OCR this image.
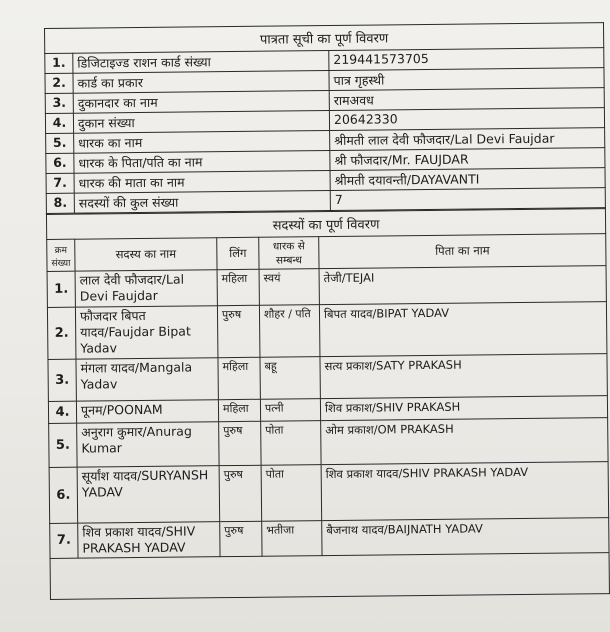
पात्रता सूची का पूर्ण विवरण		
1.	डिजिटाइज्ड राशन कार्ड संख्या	219441573705
2.	कार्ड का प्रकार	पात्र गृहस्थी
3.	दुकानदार का नाम	रामअवध
4.	दुकान संख्या	20642330
5.	धारक का नाम	श्रीमती लाल देवी फौजदार/Lal Devi Faujdar
6.	धारक के पिता/पति का नाम	श्री फौजदार/Mr. FAUJDAR
7.	धारक की माता का नाम	श्रीमती दयावन्ती/DAYAVANTI
8.	सदस्यों की कुल संख्या	7
सदस्यों का पूर्ण विवरण				
क्रम संख्या	सदस्य का नाम	लिंग	धारक से सम्बन्ध	पिता का नाम
1.	लाल देवी फौजदार/Lal Devi Faujdar	महिला	स्वयं	तेजी/TEJAI
2.	फौजदार बिपत यादव/Faujdar Bipat Yadav	पुरुष	शौहर / पति	बिपत यादव/BIPAT YADAV
3.	मंगला यादव/Mangala Yadav	महिला	बहू	सत्य प्रकाश/SATY PRAKASH
4.	पूनम/POONAM	महिला	पत्नी	शिव प्रकाश/SHIV PRAKASH
5.	अनुराग कुमार/Anurag Kumar	पुरुष	पोता	ओम प्रकाश/OM PRAKASH
6.	सूर्यांश यादव/SURYANSH YADAV	पुरुष	पोता	शिव प्रकाश यादव/SHIV PRAKASH YADAV
7.	शिव प्रकाश यादव/SHIV PRAKASH YADAV	पुरुष	भतीजा	बैजनाथ यादव/BAIJNATH YADAV
